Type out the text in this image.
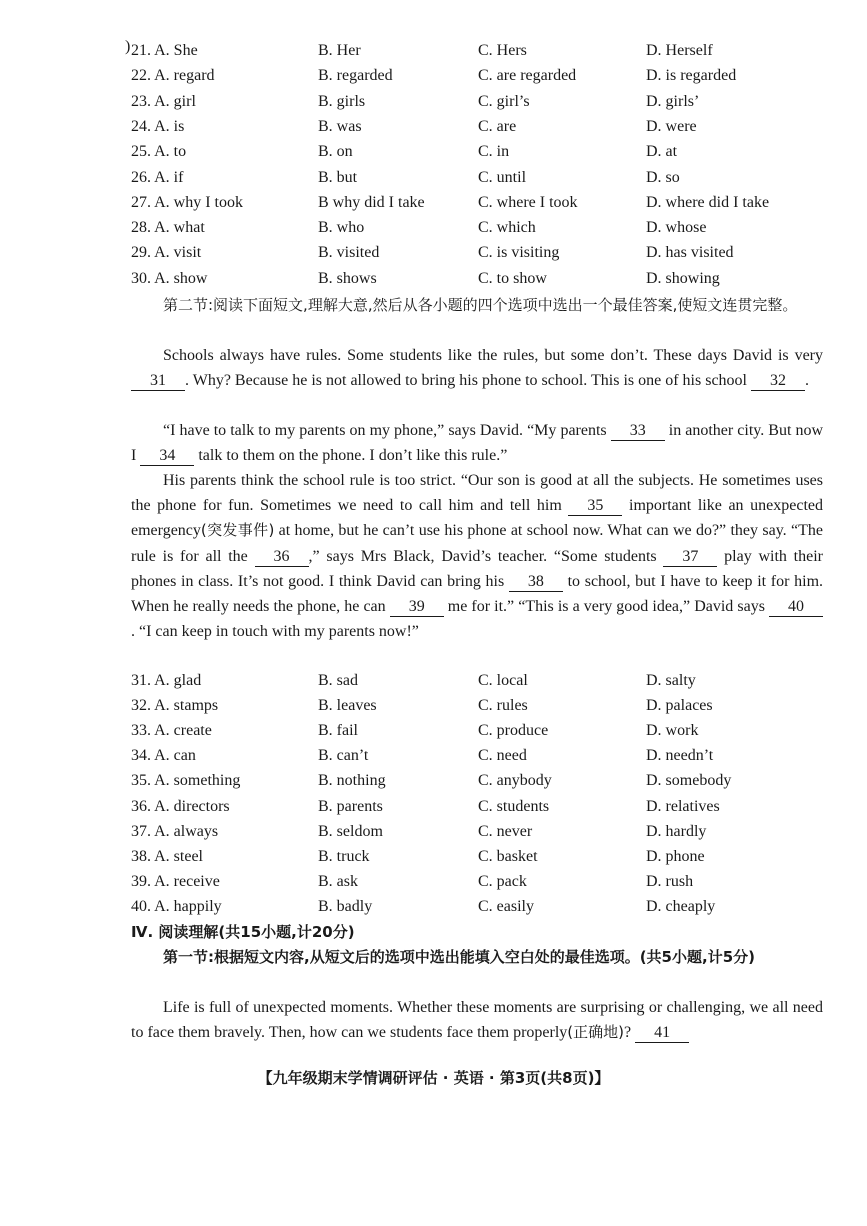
) 21. A. She	B. Her	C. Hers	D. Herself
22. A. regard	B. regarded	C. are regarded	D. is regarded
23. A. girl	B. girls	C. girl’s	D. girls’
24. A. is	B. was	C. are	D. were
25. A. to	B. on	C. in	D. at
26. A. if	B. but	C. until	D. so
27. A. why I took	B why did I take	C. where I took	D. where did I take
28. A. what	B. who	C. which	D. whose
29. A. visit	B. visited	C. is visiting	D. has visited
30. A. show	B. shows	C. to show	D. showing
第二节:阅读下面短文,理解大意,然后从各小题的四个选项中选出一个最佳答案,使短文连贯完整。
Schools always have rules. Some students like the rules, but some don’t. These days David is very 31 . Why? Because he is not allowed to bring his phone to school. This is one of his school 32 .
“I have to talk to my parents on my phone,” says David. “My parents 33 in another city. But now I 34 talk to them on the phone. I don’t like this rule.”
His parents think the school rule is too strict. “Our son is good at all the subjects. He sometimes uses the phone for fun. Sometimes we need to call him and tell him 35 important like an unexpected emergency(突发事件) at home, but he can’t use his phone at school now. What can we do?” they say. “The rule is for all the 36 ,” says Mrs Black, David’s teacher. “Some students 37 play with their phones in class. It’s not good. I think David can bring his 38 to school, but I have to keep it for him. When he really needs the phone, he can 39 me for it.” “This is a very good idea,” David says 40. “I can keep in touch with my parents now!”
31. A. glad	B. sad	C. local	D. salty
32. A. stamps	B. leaves	C. rules	D. palaces
33. A. create	B. fail	C. produce	D. work
34. A. can	B. can’t	C. need	D. needn’t
35. A. something	B. nothing	C. anybody	D. somebody
36. A. directors	B. parents	C. students	D. relatives
37. A. always	B. seldom	C. never	D. hardly
38. A. steel	B. truck	C. basket	D. phone
39. A. receive	B. ask	C. pack	D. rush
40. A. happily	B. badly	C. easily	D. cheaply
Ⅳ. 阅读理解(共15小题,计20分)
第一节:根据短文内容,从短文后的选项中选出能填入空白处的最佳选项。(共5小题,计5分)
Life is full of unexpected moments. Whether these moments are surprising or challenging, we all need to face them bravely. Then, how can we students face them properly(正确地)? 41
【九年级期末学情调研评估 · 英语 · 第3页(共8页)】
